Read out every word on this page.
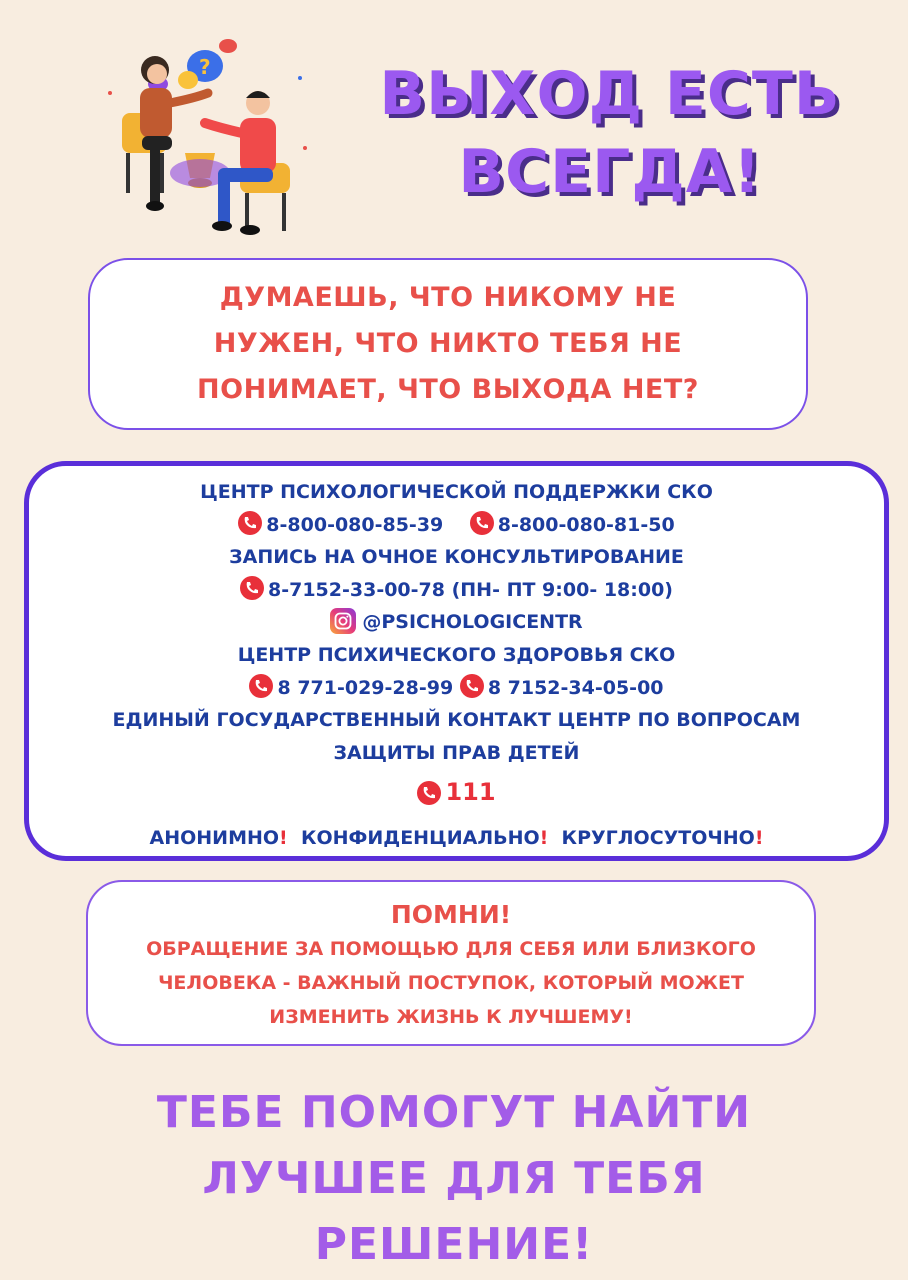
?	ВЫХОД ЕСТЬ
ВСЕГДА!
ДУМАЕШЬ, ЧТО НИКОМУ НЕ
НУЖЕН, ЧТО НИКТО ТЕБЯ НЕ
ПОНИМАЕТ, ЧТО ВЫХОДА НЕТ?
ЦЕНТР ПСИХОЛОГИЧЕСКОЙ ПОДДЕРЖКИ СКО
8-800-080-85-39	8-800-080-81-50
ЗАПИСЬ НА ОЧНОЕ КОНСУЛЬТИРОВАНИЕ
8-7152-33-00-78 (ПН- ПТ 9:00- 18:00)
@PSICHOLOGICENTR
ЦЕНТР ПСИХИЧЕСКОГО ЗДОРОВЬЯ СКО
8 771-029-28-99 8 7152-34-05-00
ЕДИНЫЙ ГОСУДАРСТВЕННЫЙ КОНТАКТ ЦЕНТР ПО ВОПРОСАМ
ЗАЩИТЫ ПРАВ ДЕТЕЙ
111
АНОНИМНО! КОНФИДЕНЦИАЛЬНО! КРУГЛОСУТОЧНО!
ПОМНИ!
ОБРАЩЕНИЕ ЗА ПОМОЩЬЮ ДЛЯ СЕБЯ ИЛИ БЛИЗКОГО
ЧЕЛОВЕКА - ВАЖНЫЙ ПОСТУПОК, КОТОРЫЙ МОЖЕТ
ИЗМЕНИТЬ ЖИЗНЬ К ЛУЧШЕМУ!
ТЕБЕ ПОМОГУТ НАЙТИ
ЛУЧШЕЕ ДЛЯ ТЕБЯ
РЕШЕНИЕ!
